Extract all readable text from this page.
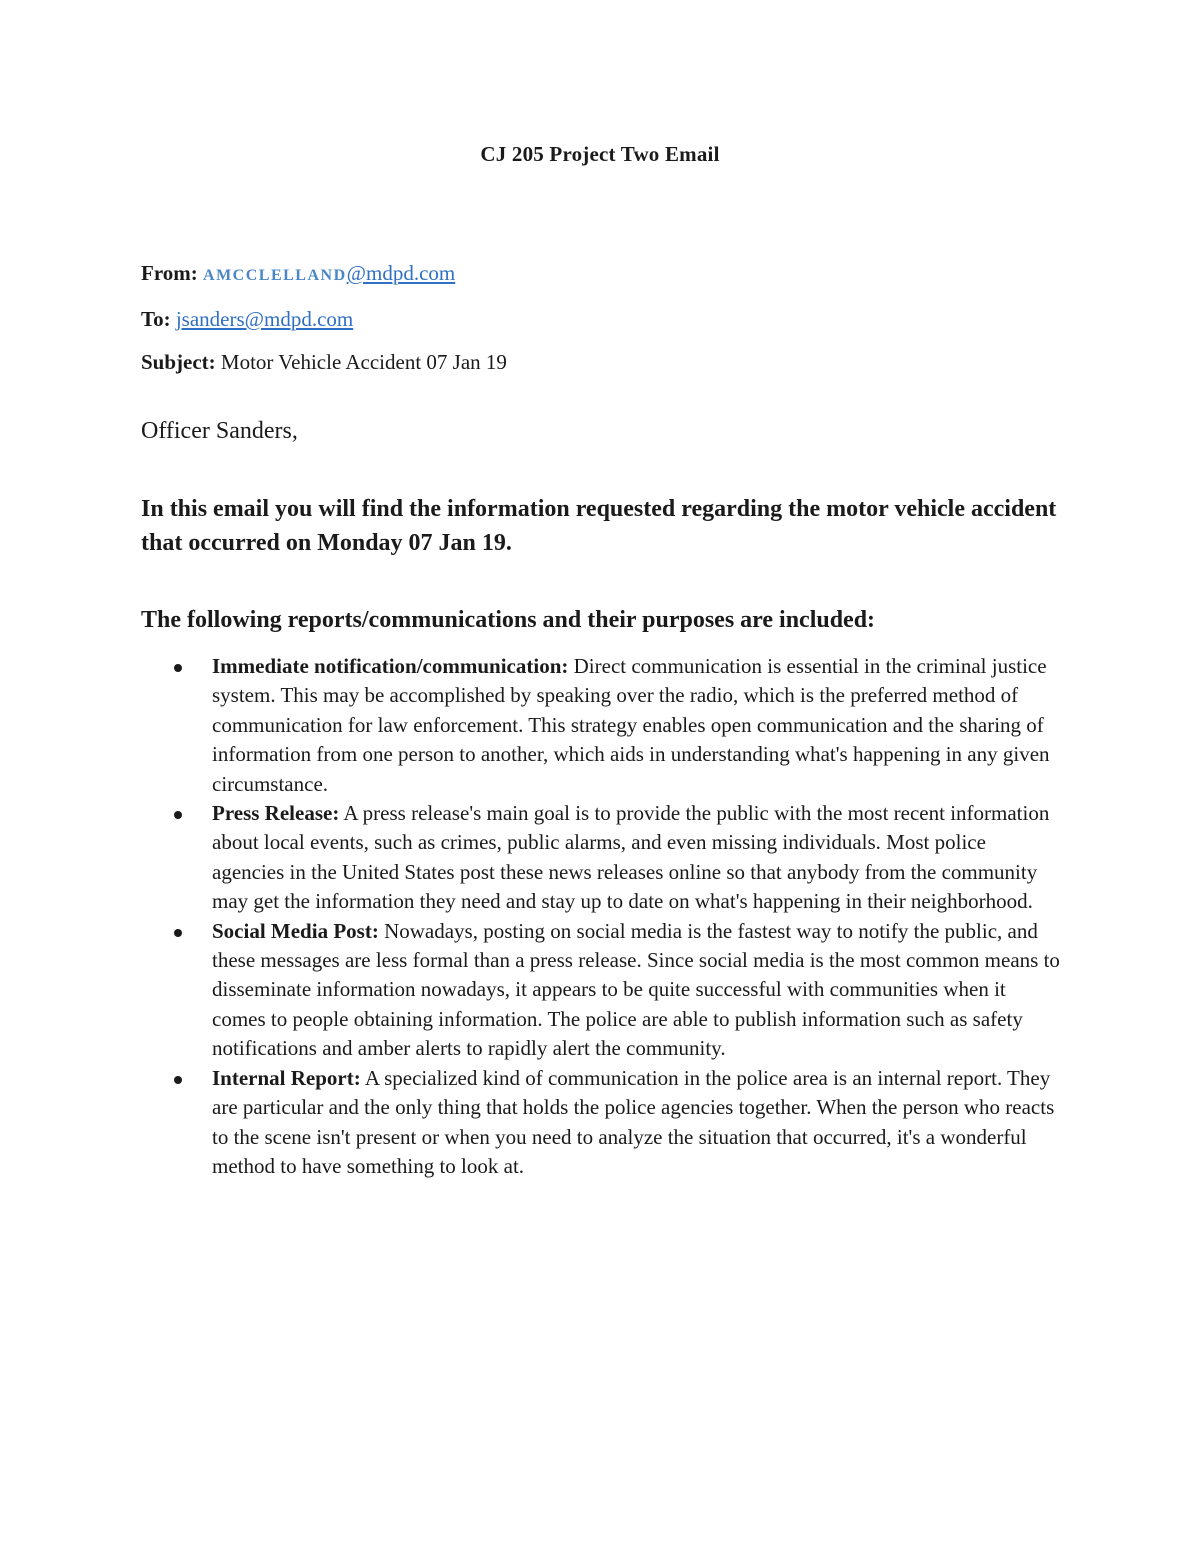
CJ 205 Project Two Email
From: AMCCLELLAND@mdpd.com
To: jsanders@mdpd.com
Subject: Motor Vehicle Accident 07 Jan 19
Officer Sanders,
In this email you will find the information requested regarding the motor vehicle accident that occurred on Monday 07 Jan 19.
The following reports/communications and their purposes are included:
Immediate notification/communication: Direct communication is essential in the criminal justice system. This may be accomplished by speaking over the radio, which is the preferred method of communication for law enforcement. This strategy enables open communication and the sharing of information from one person to another, which aids in understanding what's happening in any given circumstance.
Press Release: A press release's main goal is to provide the public with the most recent information about local events, such as crimes, public alarms, and even missing individuals. Most police agencies in the United States post these news releases online so that anybody from the community may get the information they need and stay up to date on what's happening in their neighborhood.
Social Media Post: Nowadays, posting on social media is the fastest way to notify the public, and these messages are less formal than a press release. Since social media is the most common means to disseminate information nowadays, it appears to be quite successful with communities when it comes to people obtaining information. The police are able to publish information such as safety notifications and amber alerts to rapidly alert the community.
Internal Report: A specialized kind of communication in the police area is an internal report. They are particular and the only thing that holds the police agencies together. When the person who reacts to the scene isn't present or when you need to analyze the situation that occurred, it's a wonderful method to have something to look at.
